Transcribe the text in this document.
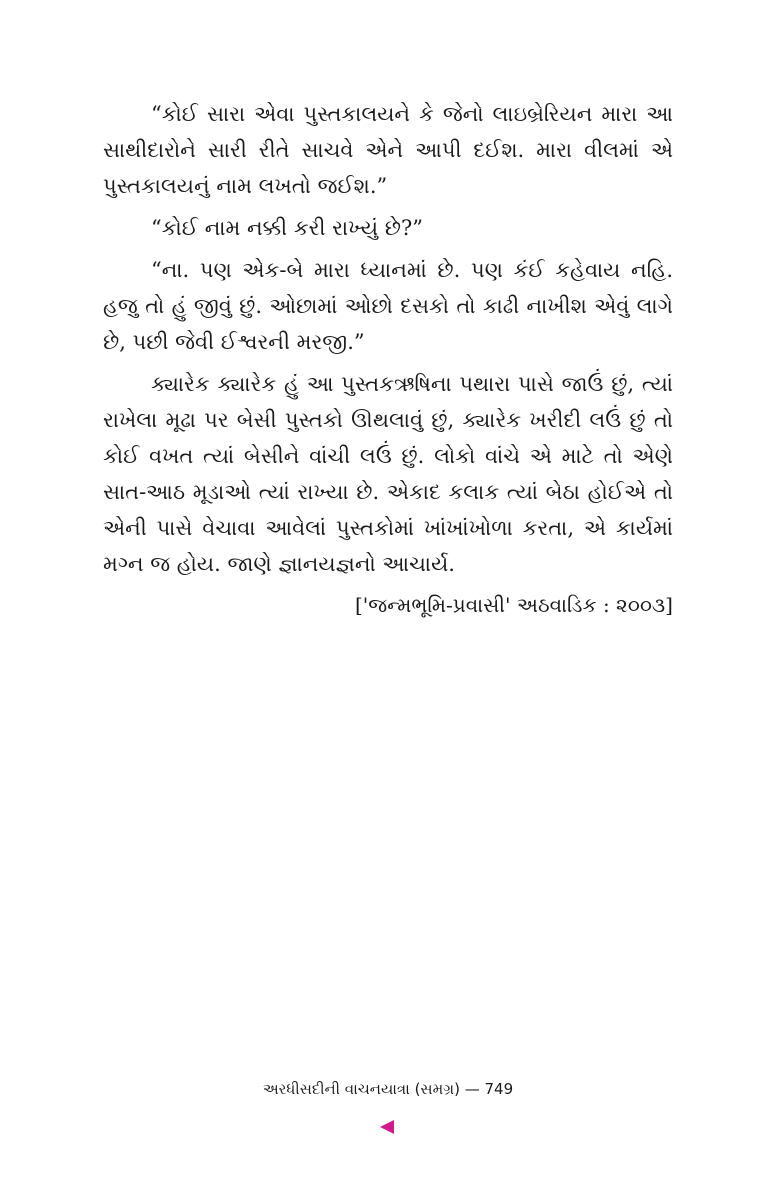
“કોઈ સારા એવા પુસ્તકાલયને કે જેનો લાઇબ્રેરિયન મારા આ સાથીદારોને સારી રીતે સાચવે એને આપી દઈશ. મારા વીલમાં એ પુસ્તકાલયનું નામ લખતો જઈશ.”

“કોઈ નામ નક્કી કરી રાખ્યું છે?”

“ના. પણ એક-બે મારા ધ્યાનમાં છે. પણ કંઈ કહેવાય નહિ. હજુ તો હું જીવું છું. ઓછામાં ઓછો દસકો તો કાઢી નાખીશ એવું લાગે છે, પછી જેવી ઈશ્વરની મરજી.”

ક્યારેક ક્યારેક હું આ પુસ્તકઋષિના પથારા પાસે જાઉં છું, ત્યાં રાખેલા મૂઢા પર બેસી પુસ્તકો ઊથલાવું છું, ક્યારેક ખરીદી લઉં છું તો કોઈ વખત ત્યાં બેસીને વાંચી લઉં છું. લોકો વાંચે એ માટે તો એણે સાત-આઠ મૂડાઓ ત્યાં રાખ્યા છે. એકાદ કલાક ત્યાં બેઠા હોઈએ તો એની પાસે વેચાવા આવેલાં પુસ્તકોમાં ખાંખાંખોળા કરતા, એ કાર્યમાં મગ્ન જ હોય. જાણે જ્ઞાનયજ્ઞનો આચાર્ય.

['જન્મભૂમિ-પ્રવાસી' અઠવાડિક : ૨૦૦૩]

અરધીસદીની વાચનયાત્રા (સમગ્ર) — 749
